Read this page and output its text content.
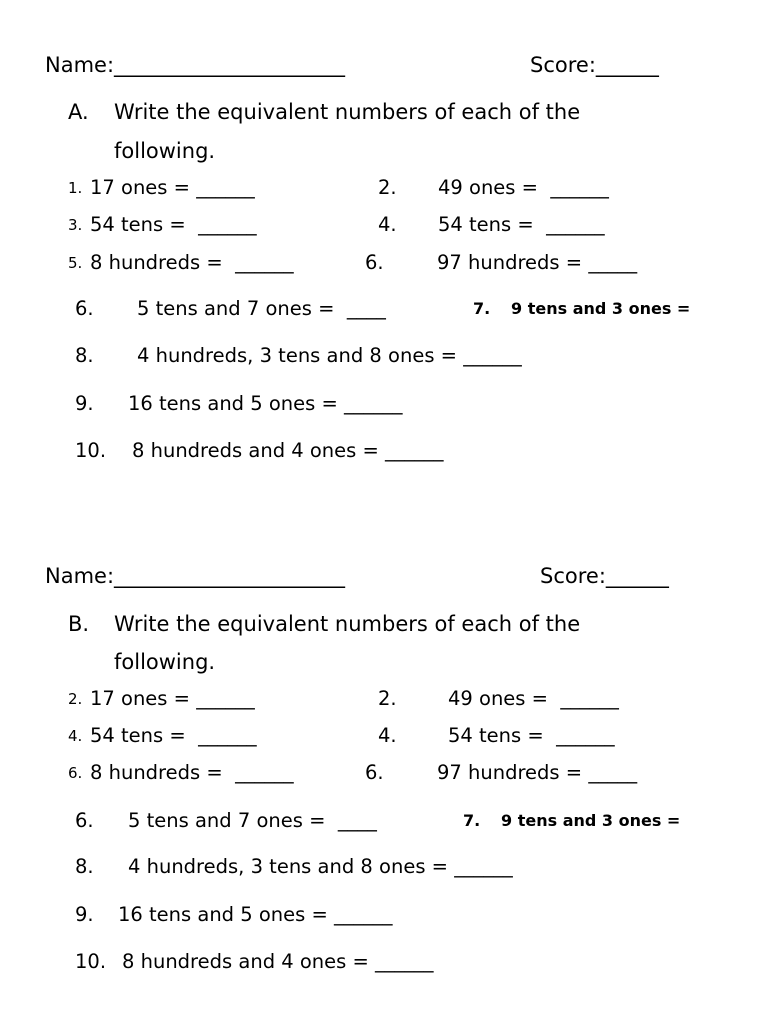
Name:______________________	Score:______
A. Write the equivalent numbers of each of the
following.
1. 17 ones = ______	2. 49 ones =  ______
3. 54 tens =  ______	4. 54 tens =  ______
5. 8 hundreds =  ______	6.	97 hundreds = _____
6. 5 tens and 7 ones =  ____	7. 9 tens and 3 ones =
8. 4 hundreds, 3 tens and 8 ones = ______
9. 16 tens and 5 ones = ______
10. 8 hundreds and 4 ones = ______
Name:______________________	Score:______
B. Write the equivalent numbers of each of the
following.
2. 17 ones = ______	2.	49 ones =  ______
4. 54 tens =  ______	4.	54 tens =  ______
6. 8 hundreds =  ______	6.	97 hundreds = _____
6. 5 tens and 7 ones =  ____	7. 9 tens and 3 ones =
8. 4 hundreds, 3 tens and 8 ones = ______
9. 16 tens and 5 ones = ______
10. 8 hundreds and 4 ones = ______
